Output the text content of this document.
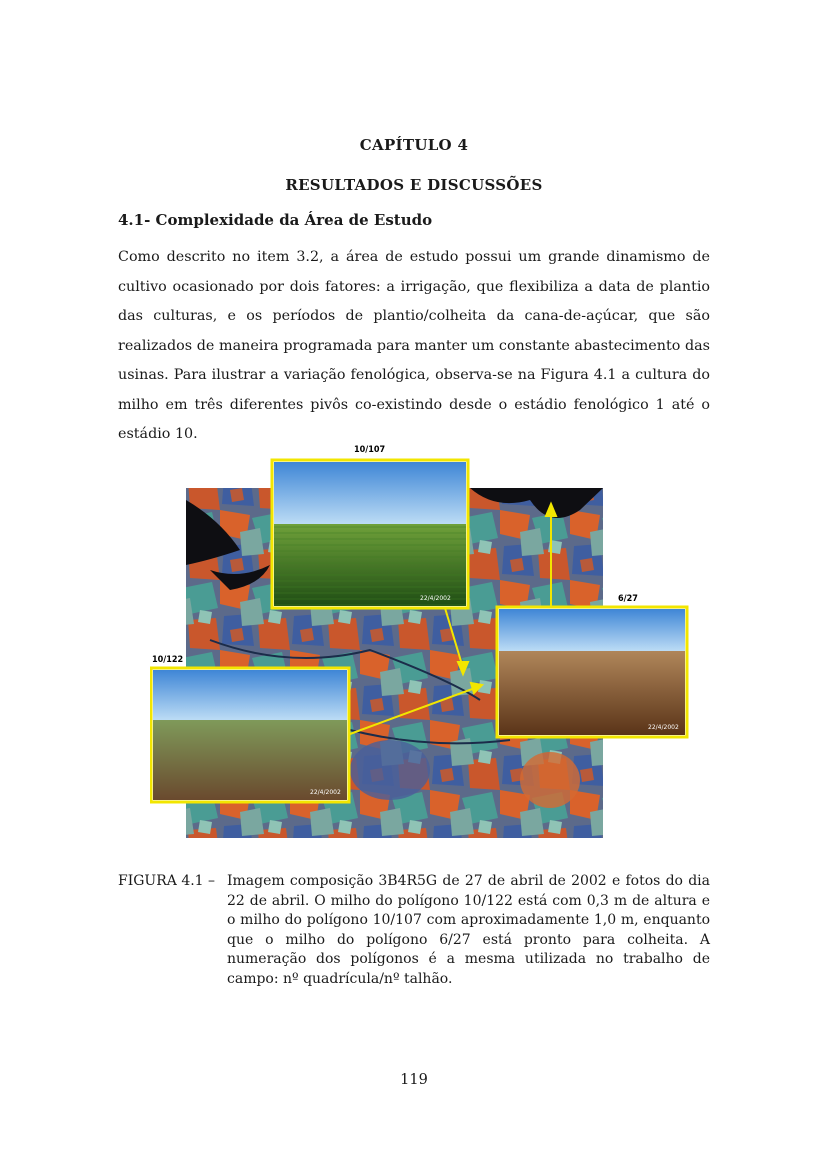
CAPÍTULO 4
RESULTADOS E DISCUSSÕES
4.1- Complexidade da Área de Estudo
Como descrito no item 3.2, a área de estudo possui um grande dinamismo de cultivo ocasionado por dois fatores: a irrigação, que flexibiliza a data de plantio das culturas, e os períodos de plantio/colheita da cana-de-açúcar, que são realizados de maneira programada para manter um constante abastecimento das usinas. Para ilustrar a variação fenológica, observa-se na Figura 4.1 a cultura do milho em três diferentes pivôs co-existindo desde o estádio fenológico 1 até o estádio 10.
10/107
22/4/2002	6/27
22/4/2002
10/122
22/4/2002
FIGURA 4.1 – Imagem composição 3B4R5G de 27 de abril de 2002 e fotos do dia 22 de abril. O milho do polígono 10/122 está com 0,3 m de altura e o milho do polígono 10/107 com aproximadamente 1,0 m, enquanto que o milho do polígono 6/27 está pronto para colheita. A numeração dos polígonos é a mesma utilizada no trabalho de campo: nº quadrícula/nº talhão.
119
